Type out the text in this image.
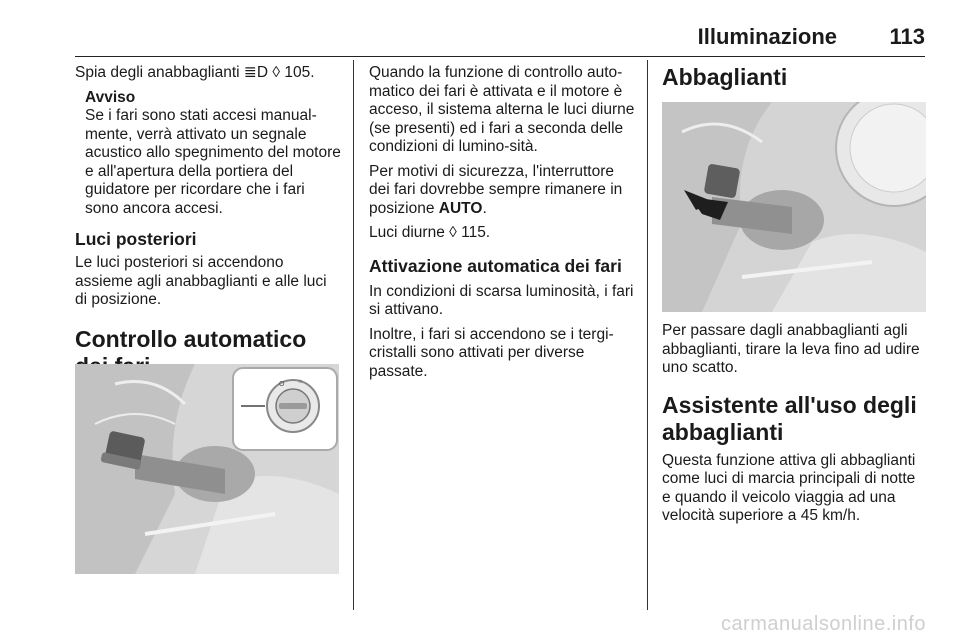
Illuminazione 113

Spia degli anabbaglianti ≣D ◊ 105.

Avviso

Se i fari sono stati accesi manual-mente, verrà attivato un segnale acustico allo spegnimento del motore e all'apertura della portiera del guidatore per ricordare che i fari sono ancora accesi.

Luci posteriori

Le luci posteriori si accendono assieme agli anabbaglianti e alle luci di posizione.

Controllo automatico

O ☼

Quando la funzione di controllo auto-matico dei fari è attivata e il motore è acceso, il sistema alterna le luci diurne (se presenti) ed i fari a seconda delle condizioni di lumino-sità.

Per motivi di sicurezza, l'interruttore dei fari dovrebbe sempre rimanere in posizione AUTO.

Luci diurne ◊ 115.

Attivazione automatica dei fari

In condizioni di scarsa luminosità, i fari si attivano.

Inoltre, i fari si accendono se i tergi-cristalli sono attivati per diverse passate.

Abbaglianti

Per passare dagli anabbaglianti agli abbaglianti, tirare la leva fino ad udire uno scatto.

Assistente all'uso degli abbaglianti

Questa funzione attiva gli abbaglianti come luci di marcia principali di notte e quando il veicolo viaggia ad una velocità superiore a 45 km/h.

carmanualsonline.info
